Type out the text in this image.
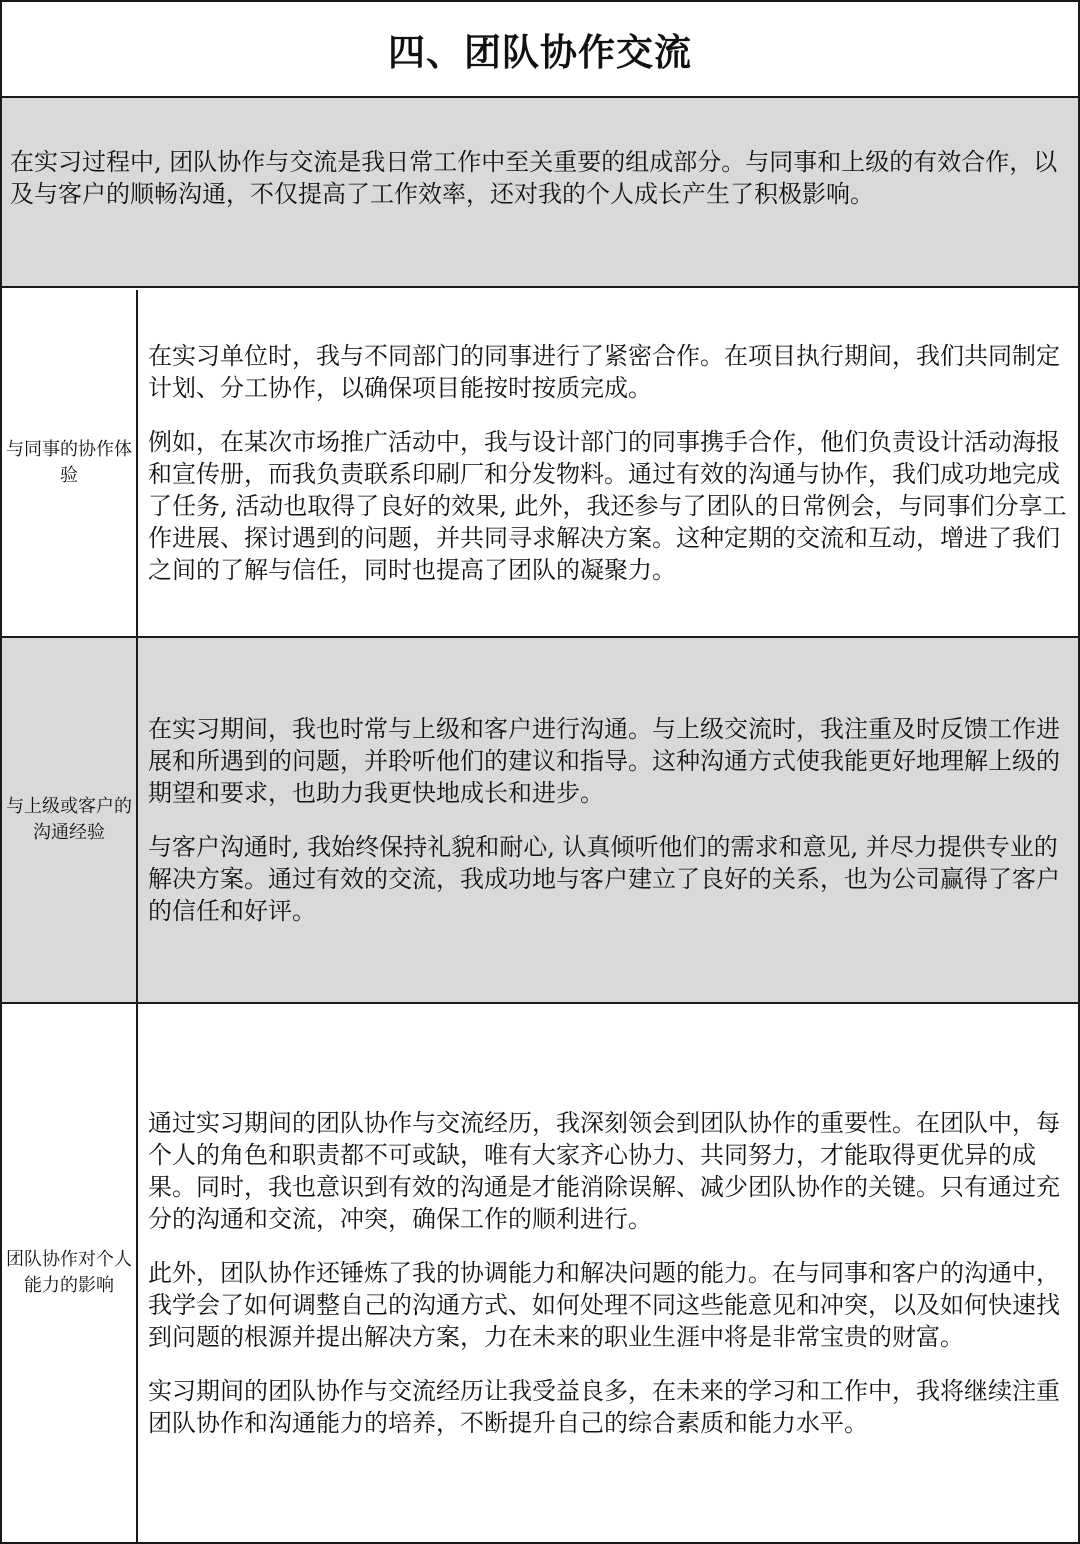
四、团队协作交流
在实习过程中, 团队协作与交流是我日常工作中至关重要的组成部分。与同事和上级的有效合作，以及与客户的顺畅沟通，不仅提高了工作效率，还对我的个人成长产生了积极影响。
与同事的协作体验

在实习单位时，我与不同部门的同事进行了紧密合作。在项目执行期间，我们共同制定计划、分工协作，以确保项目能按时按质完成。

例如，在某次市场推广活动中，我与设计部门的同事携手合作，他们负责设计活动海报和宣传册，而我负责联系印刷厂和分发物料。通过有效的沟通与协作，我们成功地完成了任务, 活动也取得了良好的效果, 此外，我还参与了团队的日常例会，与同事们分享工作进展、探讨遇到的问题，并共同寻求解决方案。这种定期的交流和互动，增进了我们之间的了解与信任，同时也提高了团队的凝聚力。

与上级或客户的沟通经验

在实习期间，我也时常与上级和客户进行沟通。与上级交流时，我注重及时反馈工作进展和所遇到的问题，并聆听他们的建议和指导。这种沟通方式使我能更好地理解上级的期望和要求，也助力我更快地成长和进步。

与客户沟通时, 我始终保持礼貌和耐心, 认真倾听他们的需求和意见, 并尽力提供专业的解决方案。通过有效的交流，我成功地与客户建立了良好的关系，也为公司赢得了客户的信任和好评。

团队协作对个人能力的影响

通过实习期间的团队协作与交流经历，我深刻领会到团队协作的重要性。在团队中，每个人的角色和职责都不可或缺，唯有大家齐心协力、共同努力，才能取得更优异的成果。同时，我也意识到有效的沟通是才能消除误解、减少团队协作的关键。只有通过充分的沟通和交流，冲突，确保工作的顺利进行。

此外，团队协作还锤炼了我的协调能力和解决问题的能力。在与同事和客户的沟通中，我学会了如何调整自己的沟通方式、如何处理不同这些能意见和冲突，以及如何快速找到问题的根源并提出解决方案，力在未来的职业生涯中将是非常宝贵的财富。

实习期间的团队协作与交流经历让我受益良多，在未来的学习和工作中，我将继续注重团队协作和沟通能力的培养，不断提升自己的综合素质和能力水平。
